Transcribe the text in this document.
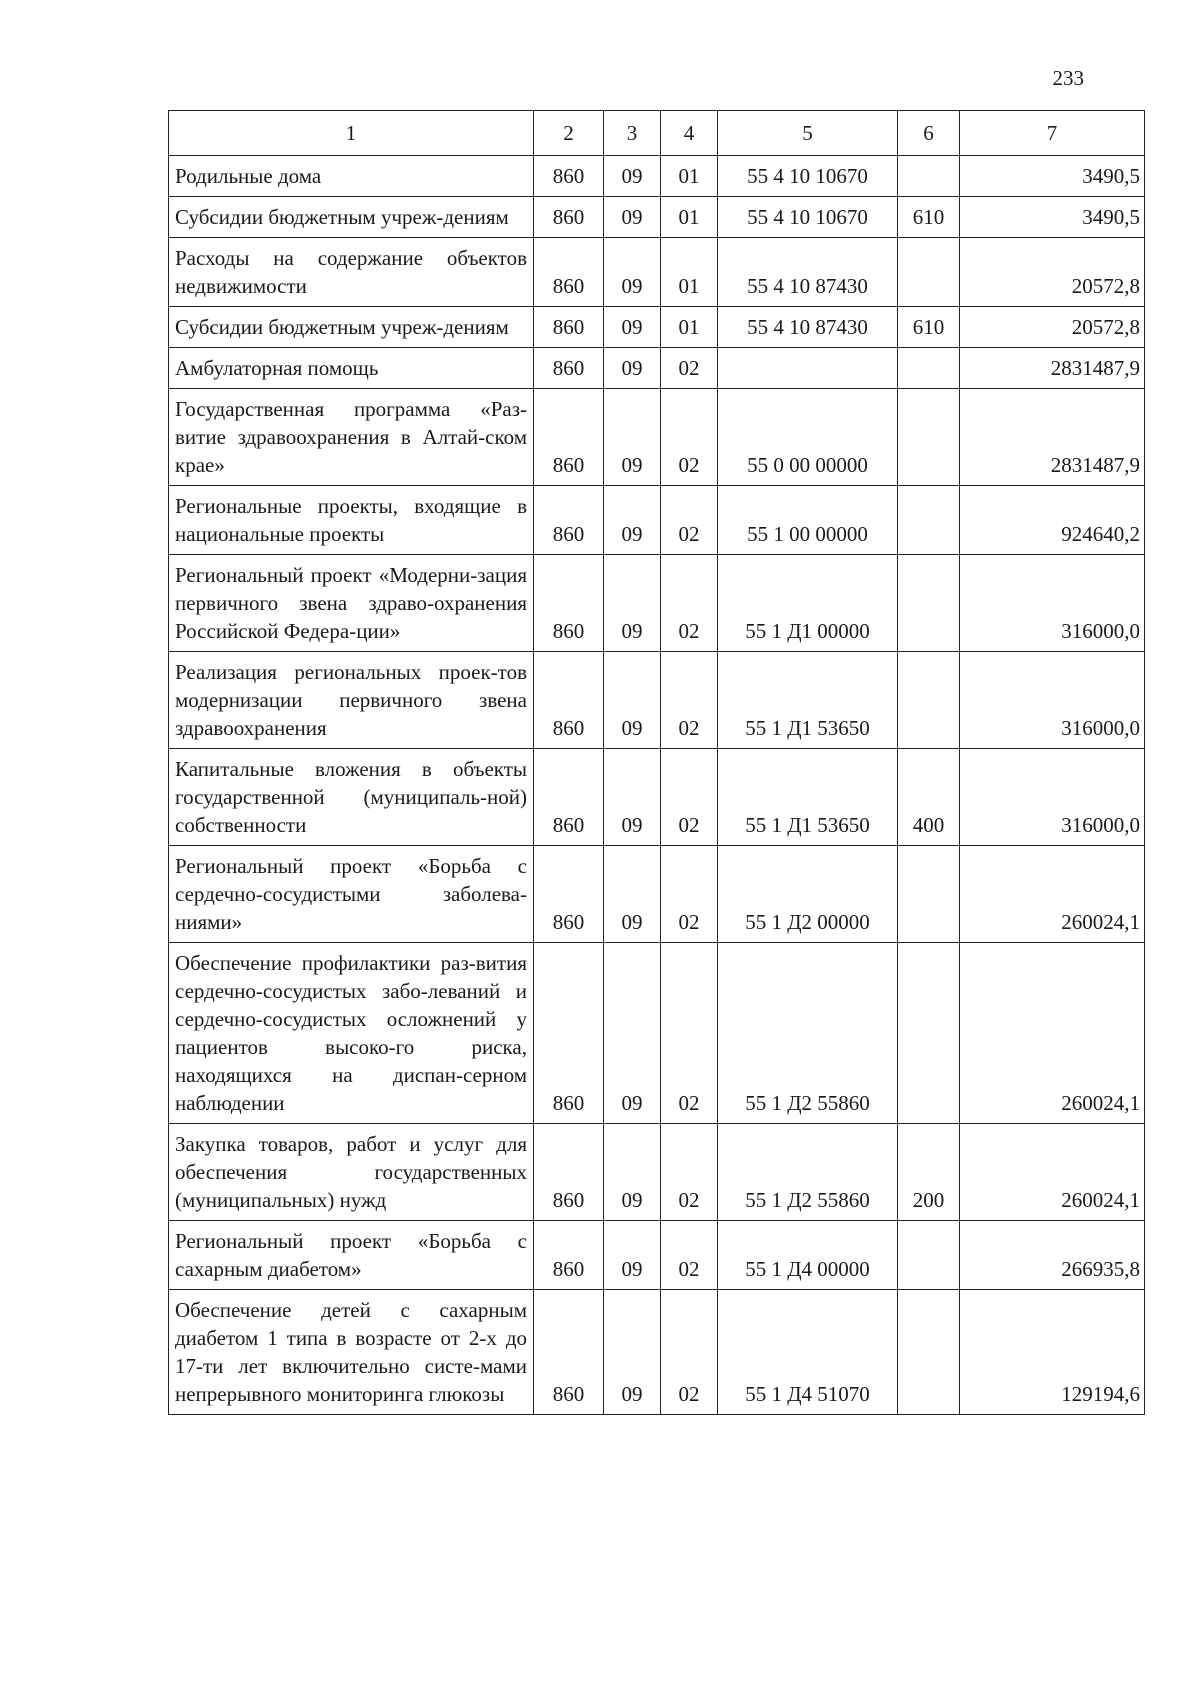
233
1	2	3	4	5	6	7
Родильные дома	860	09	01	55 4 10 10670		3490,5
Субсидии бюджетным учреж-дениям	860	09	01	55 4 10 10670	610	3490,5
Расходы на содержание объектов недвижимости	860	09	01	55 4 10 87430		20572,8
Субсидии бюджетным учреж-дениям	860	09	01	55 4 10 87430	610	20572,8
Амбулаторная помощь	860	09	02			2831487,9
Государственная программа «Раз-витие здравоохранения в Алтай-ском крае»	860	09	02	55 0 00 00000		2831487,9
Региональные проекты, входящие в национальные проекты	860	09	02	55 1 00 00000		924640,2
Региональный проект «Модерни-зация первичного звена здраво-охранения Российской Федера-ции»	860	09	02	55 1 Д1 00000		316000,0
Реализация региональных проек-тов модернизации первичного звена здравоохранения	860	09	02	55 1 Д1 53650		316000,0
Капитальные вложения в объекты государственной (муниципаль-ной) собственности	860	09	02	55 1 Д1 53650	400	316000,0
Региональный проект «Борьба с сердечно-сосудистыми заболева-ниями»	860	09	02	55 1 Д2 00000		260024,1
Обеспечение профилактики раз-вития сердечно-сосудистых забо-леваний и сердечно-сосудистых осложнений у пациентов высоко-го риска, находящихся на диспан-серном наблюдении	860	09	02	55 1 Д2 55860		260024,1
Закупка товаров, работ и услуг для обеспечения государственных (муниципальных) нужд	860	09	02	55 1 Д2 55860	200	260024,1
Региональный проект «Борьба с сахарным диабетом»	860	09	02	55 1 Д4 00000		266935,8
Обеспечение детей с сахарным диабетом 1 типа в возрасте от 2-х до 17-ти лет включительно систе-мами непрерывного мониторинга глюкозы	860	09	02	55 1 Д4 51070		129194,6
